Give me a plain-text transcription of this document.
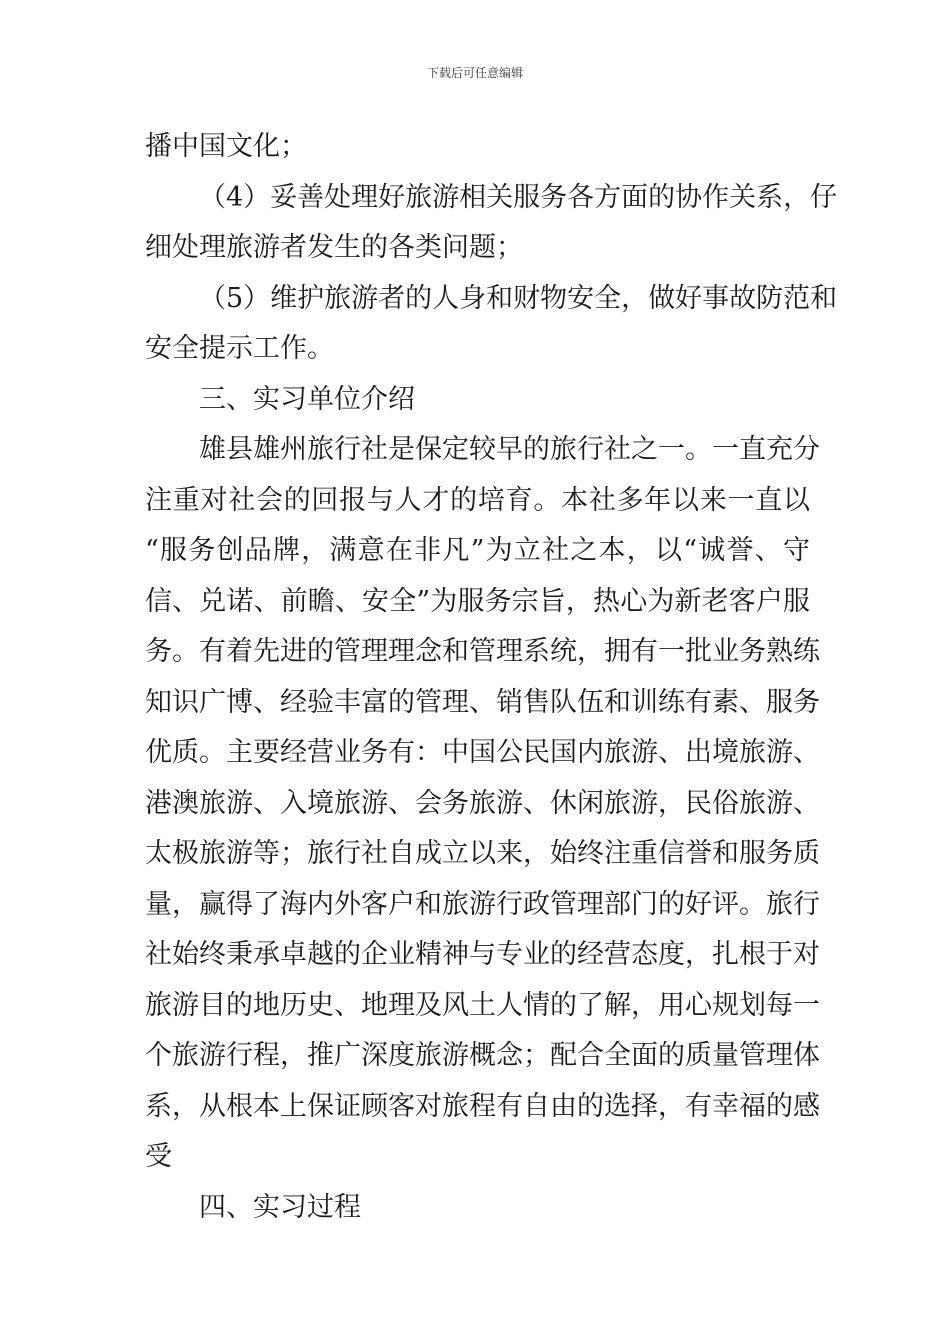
下载后可任意编辑
播中国文化；
（4）妥善处理好旅游相关服务各方面的协作关系，仔
细处理旅游者发生的各类问题；
（5）维护旅游者的人身和财物安全，做好事故防范和
安全提示工作。
三、实习单位介绍
雄县雄州旅行社是保定较早的旅行社之一。一直充分
注重对社会的回报与人才的培育。本社多年以来一直以
“服务创品牌，满意在非凡”为立社之本，以“诚誉、守
信、兑诺、前瞻、安全”为服务宗旨，热心为新老客户服
务。有着先进的管理理念和管理系统，拥有一批业务熟练
知识广博、经验丰富的管理、销售队伍和训练有素、服务
优质。主要经营业务有：中国公民国内旅游、出境旅游、
港澳旅游、入境旅游、会务旅游、休闲旅游，民俗旅游、
太极旅游等；旅行社自成立以来，始终注重信誉和服务质
量，赢得了海内外客户和旅游行政管理部门的好评。旅行
社始终秉承卓越的企业精神与专业的经营态度，扎根于对
旅游目的地历史、地理及风土人情的了解，用心规划每一
个旅游行程，推广深度旅游概念；配合全面的质量管理体
系，从根本上保证顾客对旅程有自由的选择，有幸福的感
受
四、实习过程
